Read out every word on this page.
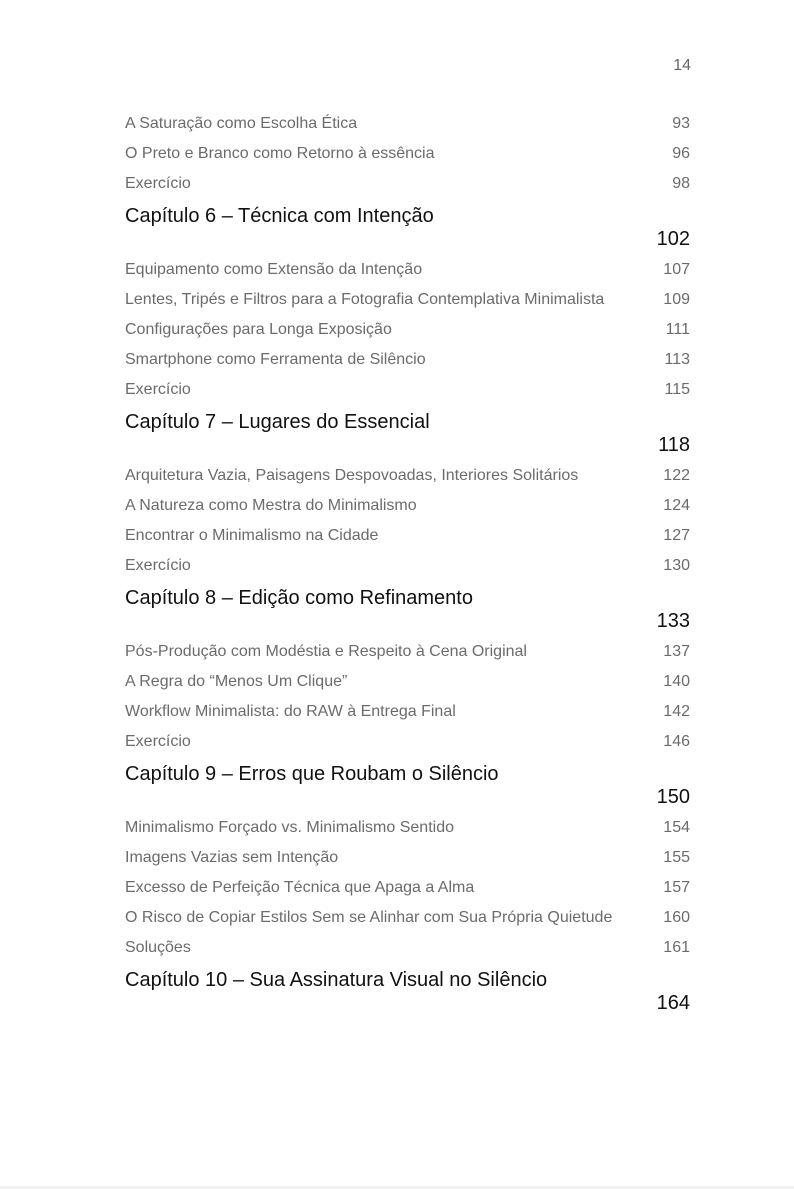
14
A Saturação como Escolha Ética	93
O Preto e Branco como Retorno à essência	96
Exercício	98
Capítulo 6 – Técnica com Intenção
102
Equipamento como Extensão da Intenção	107
Lentes, Tripés e Filtros para a Fotografia Contemplativa Minimalista	109
Configurações para Longa Exposição	111
Smartphone como Ferramenta de Silêncio	113
Exercício	115
Capítulo 7 – Lugares do Essencial
118
Arquitetura Vazia, Paisagens Despovoadas, Interiores Solitários	122
A Natureza como Mestra do Minimalismo	124
Encontrar o Minimalismo na Cidade	127
Exercício	130
Capítulo 8 – Edição como Refinamento
133
Pós-Produção com Modéstia e Respeito à Cena Original	137
A Regra do “Menos Um Clique”	140
Workflow Minimalista: do RAW à Entrega Final	142
Exercício	146
Capítulo 9 – Erros que Roubam o Silêncio
150
Minimalismo Forçado vs. Minimalismo Sentido	154
Imagens Vazias sem Intenção	155
Excesso de Perfeição Técnica que Apaga a Alma	157
O Risco de Copiar Estilos Sem se Alinhar com Sua Própria Quietude	160
Soluções	161
Capítulo 10 – Sua Assinatura Visual no Silêncio
164
